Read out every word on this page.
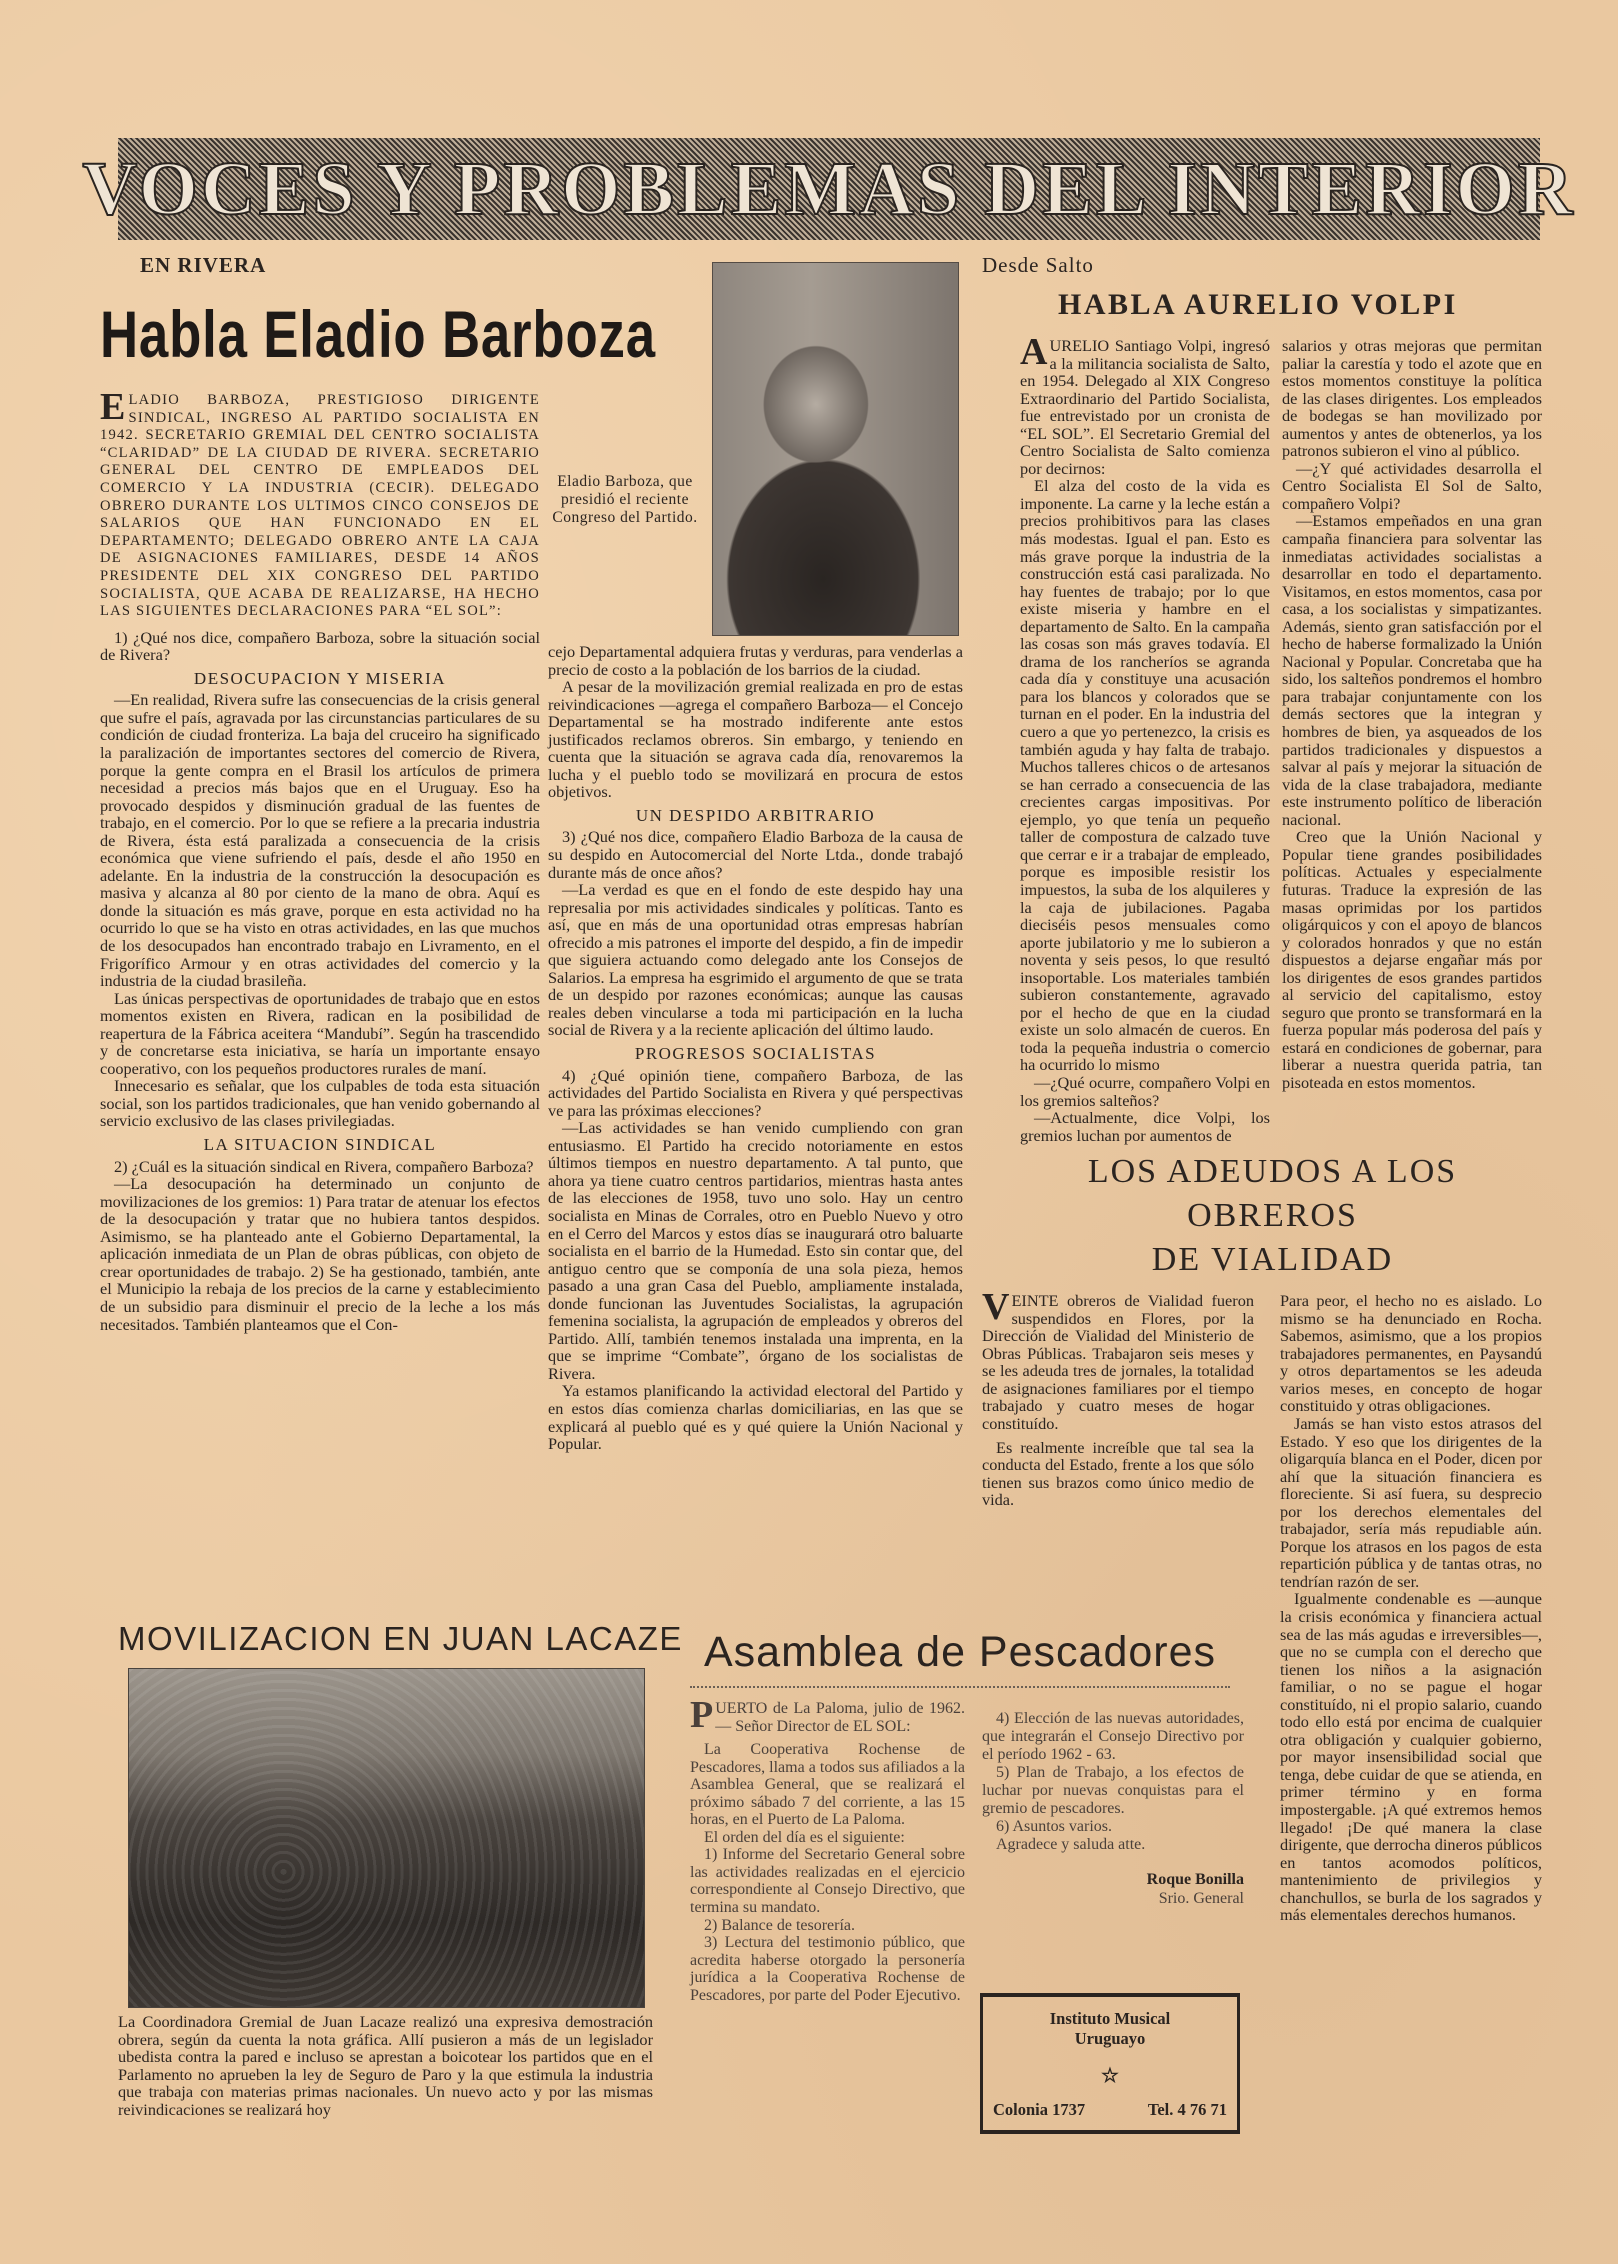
VOCES Y PROBLEMAS DEL INTERIOR
EN RIVERA
Habla Eladio Barboza
Eladio Barboza, que presidió el reciente Congreso del Partido.
ELADIO BARBOZA, PRESTIGIOSO DIRIGENTE SINDICAL, INGRESO AL PARTIDO SOCIALISTA EN 1942. SECRETARIO GREMIAL DEL CENTRO SOCIALISTA “CLARIDAD” DE LA CIUDAD DE RIVERA. SECRETARIO GENERAL DEL CENTRO DE EMPLEADOS DEL COMERCIO Y LA INDUSTRIA (CECIR). DELEGADO OBRERO DURANTE LOS ULTIMOS CINCO CONSEJOS DE SALARIOS QUE HAN FUNCIONADO EN EL DEPARTAMENTO; DELEGADO OBRERO ANTE LA CAJA DE ASIGNACIONES FAMILIARES, DESDE 14 AÑOS PRESIDENTE DEL XIX CONGRESO DEL PARTIDO SOCIALISTA, QUE ACABA DE REALIZARSE, HA HECHO LAS SIGUIENTES DECLARACIONES PARA “EL SOL”:

1) ¿Qué nos dice, compañero Barboza, sobre la situación social de Rivera?

DESOCUPACION Y MISERIA

—En realidad, Rivera sufre las consecuencias de la crisis general que sufre el país, agravada por las circunstancias particulares de su condición de ciudad fronteriza. La baja del cruceiro ha significado la paralización de importantes sectores del comercio de Rivera, porque la gente compra en el Brasil los artículos de primera necesidad a precios más bajos que en el Uruguay. Eso ha provocado despidos y disminución gradual de las fuentes de trabajo, en el comercio. Por lo que se refiere a la precaria industria de Rivera, ésta está paralizada a consecuencia de la crisis económica que viene sufriendo el país, desde el año 1950 en adelante. En la industria de la construcción la desocupación es masiva y alcanza al 80 por ciento de la mano de obra. Aquí es donde la situación es más grave, porque en esta actividad no ha ocurrido lo que se ha visto en otras actividades, en las que muchos de los desocupados han encontrado trabajo en Livramento, en el Frigorífico Armour y en otras actividades del comercio y la industria de la ciudad brasileña.

Las únicas perspectivas de oportunidades de trabajo que en estos momentos existen en Rivera, radican en la posibilidad de reapertura de la Fábrica aceitera “Mandubí”. Según ha trascendido y de concretarse esta iniciativa, se haría un importante ensayo cooperativo, con los pequeños productores rurales de maní.

Innecesario es señalar, que los culpables de toda esta situación social, son los partidos tradicionales, que han venido gobernando al servicio exclusivo de las clases privilegiadas.

LA SITUACION SINDICAL

2) ¿Cuál es la situación sindical en Rivera, compañero Barboza?

—La desocupación ha determinado un conjunto de movilizaciones de los gremios: 1) Para tratar de atenuar los efectos de la desocupación y tratar que no hubiera tantos despidos. Asimismo, se ha planteado ante el Gobierno Departamental, la aplicación inmediata de un Plan de obras públicas, con objeto de crear oportunidades de trabajo. 2) Se ha gestionado, también, ante el Municipio la rebaja de los precios de la carne y establecimiento de un subsidio para disminuir el precio de la leche a los más necesitados. También planteamos que el Con-

cejo Departamental adquiera frutas y verduras, para venderlas a precio de costo a la población de los barrios de la ciudad.

A pesar de la movilización gremial realizada en pro de estas reivindicaciones —agrega el compañero Barboza— el Concejo Departamental se ha mostrado indiferente ante estos justificados reclamos obreros. Sin embargo, y teniendo en cuenta que la situación se agrava cada día, renovaremos la lucha y el pueblo todo se movilizará en procura de estos objetivos.

UN DESPIDO ARBITRARIO

3) ¿Qué nos dice, compañero Eladio Barboza de la causa de su despido en Autocomercial del Norte Ltda., donde trabajó durante más de once años?

—La verdad es que en el fondo de este despido hay una represalia por mis actividades sindicales y políticas. Tanto es así, que en más de una oportunidad otras empresas habrían ofrecido a mis patrones el importe del despido, a fin de impedir que siguiera actuando como delegado ante los Consejos de Salarios. La empresa ha esgrimido el argumento de que se trata de un despido por razones económicas; aunque las causas reales deben vincularse a toda mi participación en la lucha social de Rivera y a la reciente aplicación del último laudo.

PROGRESOS SOCIALISTAS

4) ¿Qué opinión tiene, compañero Barboza, de las actividades del Partido Socialista en Rivera y qué perspectivas ve para las próximas elecciones?

—Las actividades se han venido cumpliendo con gran entusiasmo. El Partido ha crecido notoriamente en estos últimos tiempos en nuestro departamento. A tal punto, que ahora ya tiene cuatro centros partidarios, mientras hasta antes de las elecciones de 1958, tuvo uno solo. Hay un centro socialista en Minas de Corrales, otro en Pueblo Nuevo y otro en el Cerro del Marcos y estos días se inaugurará otro baluarte socialista en el barrio de la Humedad. Esto sin contar que, del antiguo centro que se componía de una sola pieza, hemos pasado a una gran Casa del Pueblo, ampliamente instalada, donde funcionan las Juventudes Socialistas, la agrupación femenina socialista, la agrupación de empleados y obreros del Partido. Allí, también tenemos instalada una imprenta, en la que se imprime “Combate”, órgano de los socialistas de Rivera.

Ya estamos planificando la actividad electoral del Partido y en estos días comienza charlas domiciliarias, en las que se explicará al pueblo qué es y qué quiere la Unión Nacional y Popular.

Desde Salto
HABLA AURELIO VOLPI

AURELIO Santiago Volpi, ingresó a la militancia socialista de Salto, en 1954. Delegado al XIX Congreso Extraordinario del Partido Socialista, fue entrevistado por un cronista de “EL SOL”. El Secretario Gremial del Centro Socialista de Salto comienza por decirnos:

El alza del costo de la vida es imponente. La carne y la leche están a precios prohibitivos para las clases más modestas. Igual el pan. Esto es más grave porque la industria de la construcción está casi paralizada. No hay fuentes de trabajo; por lo que existe miseria y hambre en el departamento de Salto. En la campaña las cosas son más graves todavía. El drama de los rancheríos se agranda cada día y constituye una acusación para los blancos y colorados que se turnan en el poder. En la industria del cuero a que yo pertenezco, la crisis es también aguda y hay falta de trabajo. Muchos talleres chicos o de artesanos se han cerrado a consecuencia de las crecientes cargas impositivas. Por ejemplo, yo que tenía un pequeño taller de compostura de calzado tuve que cerrar e ir a trabajar de empleado, porque es imposible resistir los impuestos, la suba de los alquileres y la caja de jubilaciones. Pagaba dieciséis pesos mensuales como aporte jubilatorio y me lo subieron a noventa y seis pesos, lo que resultó insoportable. Los materiales también subieron constantemente, agravado por el hecho de que en la ciudad existe un solo almacén de cueros. En toda la pequeña industria o comercio ha ocurrido lo mismo

—¿Qué ocurre, compañero Volpi en los gremios salteños?

—Actualmente, dice Volpi, los gremios luchan por aumentos de

salarios y otras mejoras que permitan paliar la carestía y todo el azote que en estos momentos constituye la política de las clases dirigentes. Los empleados de bodegas se han movilizado por aumentos y antes de obtenerlos, ya los patronos subieron el vino al público.

—¿Y qué actividades desarrolla el Centro Socialista El Sol de Salto, compañero Volpi?

—Estamos empeñados en una gran campaña financiera para solventar las inmediatas actividades socialistas a desarrollar en todo el departamento. Visitamos, en estos momentos, casa por casa, a los socialistas y simpatizantes. Además, siento gran satisfacción por el hecho de haberse formalizado la Unión Nacional y Popular. Concretaba que ha sido, los salteños pondremos el hombro para trabajar conjuntamente con los demás sectores que la integran y hombres de bien, ya asqueados de los partidos tradicionales y dispuestos a salvar al país y mejorar la situación de vida de la clase trabajadora, mediante este instrumento político de liberación nacional.

Creo que la Unión Nacional y Popular tiene grandes posibilidades políticas. Actuales y especialmente futuras. Traduce la expresión de las masas oprimidas por los partidos oligárquicos y con el apoyo de blancos y colorados honrados y que no están dispuestos a dejarse engañar más por los dirigentes de esos grandes partidos al servicio del capitalismo, estoy seguro que pronto se transformará en la fuerza popular más poderosa del país y estará en condiciones de gobernar, para liberar a nuestra querida patria, tan pisoteada en estos momentos.

LOS ADEUDOS A LOS OBREROS
DE VIALIDAD

VEINTE obreros de Vialidad fueron suspendidos en Flores, por la Dirección de Vialidad del Ministerio de Obras Públicas. Trabajaron seis meses y se les adeuda tres de jornales, la totalidad de asignaciones familiares por el tiempo trabajado y cuatro meses de hogar constituído.

Es realmente increíble que tal sea la conducta del Estado, frente a los que sólo tienen sus brazos como único medio de vida.

Para peor, el hecho no es aislado. Lo mismo se ha denunciado en Rocha. Sabemos, asimismo, que a los propios trabajadores permanentes, en Paysandú y otros departamentos se les adeuda varios meses, en concepto de hogar constituido y otras obligaciones.

Jamás se han visto estos atrasos del Estado. Y eso que los dirigentes de la oligarquía blanca en el Poder, dicen por ahí que la situación financiera es floreciente. Si así fuera, su desprecio por los derechos elementales del trabajador, sería más repudiable aún. Porque los atrasos en los pagos de esta repartición pública y de tantas otras, no tendrían razón de ser.

Igualmente condenable es —aunque la crisis económica y financiera actual sea de las más agudas e irreversibles—, que no se cumpla con el derecho que tienen los niños a la asignación familiar, o no se pague el hogar constituído, ni el propio salario, cuando todo ello está por encima de cualquier otra obligación y cualquier gobierno, por mayor insensibilidad social que tenga, debe cuidar de que se atienda, en primer término y en forma impostergable. ¡A qué extremos hemos llegado! ¡De qué manera la clase dirigente, que derrocha dineros públicos en tantos acomodos políticos, mantenimiento de privilegios y chanchullos, se burla de los sagrados y más elementales derechos humanos.

MOVILIZACION EN JUAN LACAZE

La Coordinadora Gremial de Juan Lacaze realizó una expresiva demostración obrera, según da cuenta la nota gráfica. Allí pusieron a más de un legislador ubedista contra la pared e incluso se aprestan a boicotear los partidos que en el Parlamento no aprueben la ley de Seguro de Paro y la que estimula la industria que trabaja con materias primas nacionales. Un nuevo acto y por las mismas reivindicaciones se realizará hoy

Asamblea de Pescadores

PUERTO de La Paloma, julio de 1962. — Señor Director de EL SOL:

La Cooperativa Rochense de Pescadores, llama a todos sus afiliados a la Asamblea General, que se realizará el próximo sábado 7 del corriente, a las 15 horas, en el Puerto de La Paloma.

El orden del día es el siguiente:

1) Informe del Secretario General sobre las actividades realizadas en el ejercicio correspondiente al Consejo Directivo, que termina su mandato.

2) Balance de tesorería.

3) Lectura del testimonio público, que acredita haberse otorgado la personería jurídica a la Cooperativa Rochense de Pescadores, por parte del Poder Ejecutivo.

4) Elección de las nuevas autoridades, que integrarán el Consejo Directivo por el período 1962 - 63.

5) Plan de Trabajo, a los efectos de luchar por nuevas conquistas para el gremio de pescadores.

6) Asuntos varios.

Agradece y saluda atte.

Roque Bonilla
Srio. General
Instituto Musical
Uruguayo
☆
Colonia 1737	Tel. 4 76 71
